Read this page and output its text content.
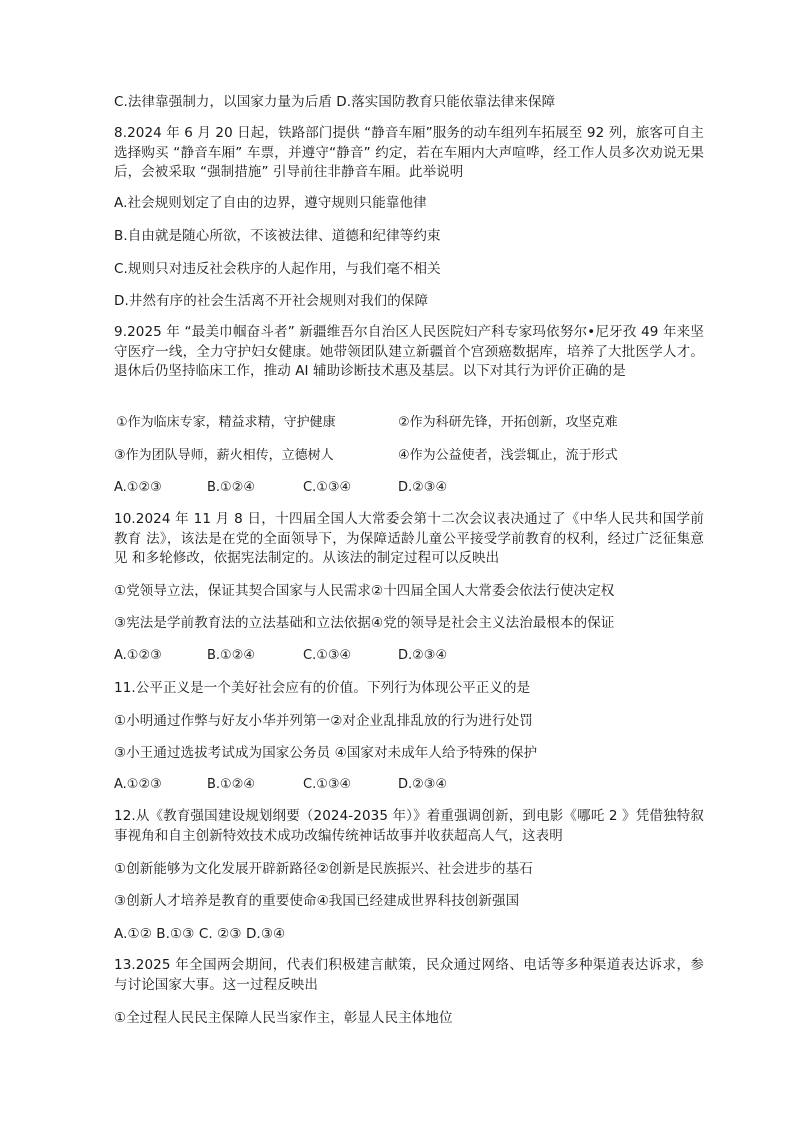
C.法律靠强制力，以国家力量为后盾 D.落实国防教育只能依靠法律来保障
8.2024 年 6 月 20 日起，铁路部门提供 “静音车厢”服务的动车组列车拓展至 92 列，旅客可自主选择购买 “静音车厢” 车票，并遵守“静音” 约定，若在车厢内大声喧哗，经工作人员多次劝说无果后，会被采取 “强制措施” 引导前往非静音车厢。此举说明
A.社会规则划定了自由的边界，遵守规则只能靠他律
B.自由就是随心所欲，不该被法律、道德和纪律等约束
C.规则只对违反社会秩序的人起作用，与我们毫不相关
D.井然有序的社会生活离不开社会规则对我们的保障
9.2025 年 “最美巾帼奋斗者” 新疆维吾尔自治区人民医院妇产科专家玛依努尔•尼牙孜 49 年来坚守医疗一线，全力守护妇女健康。她带领团队建立新疆首个宫颈癌数据库，培养了大批医学人才。退休后仍坚持临床工作，推动 AI 辅助诊断技术惠及基层。以下对其行为评价正确的是
①作为临床专家，精益求精，守护健康	②作为科研先锋，开拓创新，攻坚克难
③作为团队导师，薪火相传，立德树人	④作为公益使者，浅尝辄止，流于形式
A.①②③	B.①②④	C.①③④	D.②③④
10.2024 年 11 月 8 日，十四届全国人大常委会第十二次会议表决通过了《中华人民共和国学前教育 法》，该法是在党的全面领导下，为保障适龄儿童公平接受学前教育的权利，经过广泛征集意见 和多轮修改，依据宪法制定的。从该法的制定过程可以反映出
①党领导立法，保证其契合国家与人民需求②十四届全国人大常委会依法行使决定权
③宪法是学前教育法的立法基础和立法依据④党的领导是社会主义法治最根本的保证
A.①②③	B.①②④	C.①③④	D.②③④
11.公平正义是一个美好社会应有的价值。下列行为体现公平正义的是
①小明通过作弊与好友小华并列第一②对企业乱排乱放的行为进行处罚
③小王通过选拔考试成为国家公务员 ④国家对未成年人给予特殊的保护
A.①②③	B.①②④	C.①③④	D.②③④
12.从《教育强国建设规划纲要（2024-2035 年）》着重强调创新，到电影《哪吒 2 》凭借独特叙事视角和自主创新特效技术成功改编传统神话故事并收获超高人气，这表明
①创新能够为文化发展开辟新路径②创新是民族振兴、社会进步的基石
③创新人才培养是教育的重要使命④我国已经建成世界科技创新强国
A.①② B.①③ C. ②③ D.③④
13.2025 年全国两会期间，代表们积极建言献策，民众通过网络、电话等多种渠道表达诉求，参与讨论国家大事。这一过程反映出
①全过程人民民主保障人民当家作主，彰显人民主体地位
